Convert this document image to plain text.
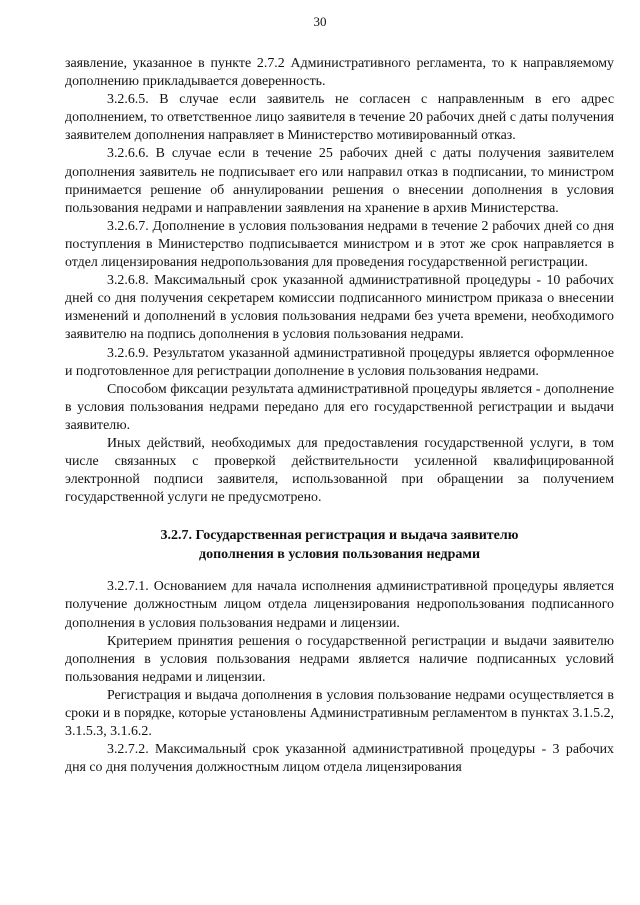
30

заявление, указанное в пункте 2.7.2 Административного регламента, то к направляемому дополнению прикладывается доверенность.

3.2.6.5. В случае если заявитель не согласен с направленным в его адрес дополнением, то ответственное лицо заявителя в течение 20 рабочих дней с даты получения заявителем дополнения направляет в Министерство мотивированный отказ.

3.2.6.6. В случае если в течение 25 рабочих дней с даты получения заявителем дополнения заявитель не подписывает его или направил отказ в подписании, то министром принимается решение об аннулировании решения о внесении дополнения в условия пользования недрами и направлении заявления на хранение в архив Министерства.

3.2.6.7. Дополнение в условия пользования недрами в течение 2 рабочих дней со дня поступления в Министерство подписывается министром и в этот же срок направляется в отдел лицензирования недропользования для проведения государственной регистрации.

3.2.6.8. Максимальный срок указанной административной процедуры - 10 рабочих дней со дня получения секретарем комиссии подписанного министром приказа о внесении изменений и дополнений в условия пользования недрами без учета времени, необходимого заявителю на подпись дополнения в условия пользования недрами.

3.2.6.9. Результатом указанной административной процедуры является оформленное и подготовленное для регистрации дополнение в условия пользования недрами.

Способом фиксации результата административной процедуры является - дополнение в условия пользования недрами передано для его государственной регистрации и выдачи заявителю.

Иных действий, необходимых для предоставления государственной услуги, в том числе связанных с проверкой действительности усиленной квалифицированной электронной подписи заявителя, использованной при обращении за получением государственной услуги не предусмотрено.

3.2.7. Государственная регистрация и выдача заявителю
дополнения в условия пользования недрами

3.2.7.1. Основанием для начала исполнения административной процедуры является получение должностным лицом отдела лицензирования недропользования подписанного дополнения в условия пользования недрами и лицензии.

Критерием принятия решения о государственной регистрации и выдачи заявителю дополнения в условия пользования недрами является наличие подписанных условий пользования недрами и лицензии.

Регистрация и выдача дополнения в условия пользование недрами осуществляется в сроки и в порядке, которые установлены Административным регламентом в пунктах 3.1.5.2, 3.1.5.3, 3.1.6.2.

3.2.7.2. Максимальный срок указанной административной процедуры - 3 рабочих дня со дня получения должностным лицом отдела лицензирования
